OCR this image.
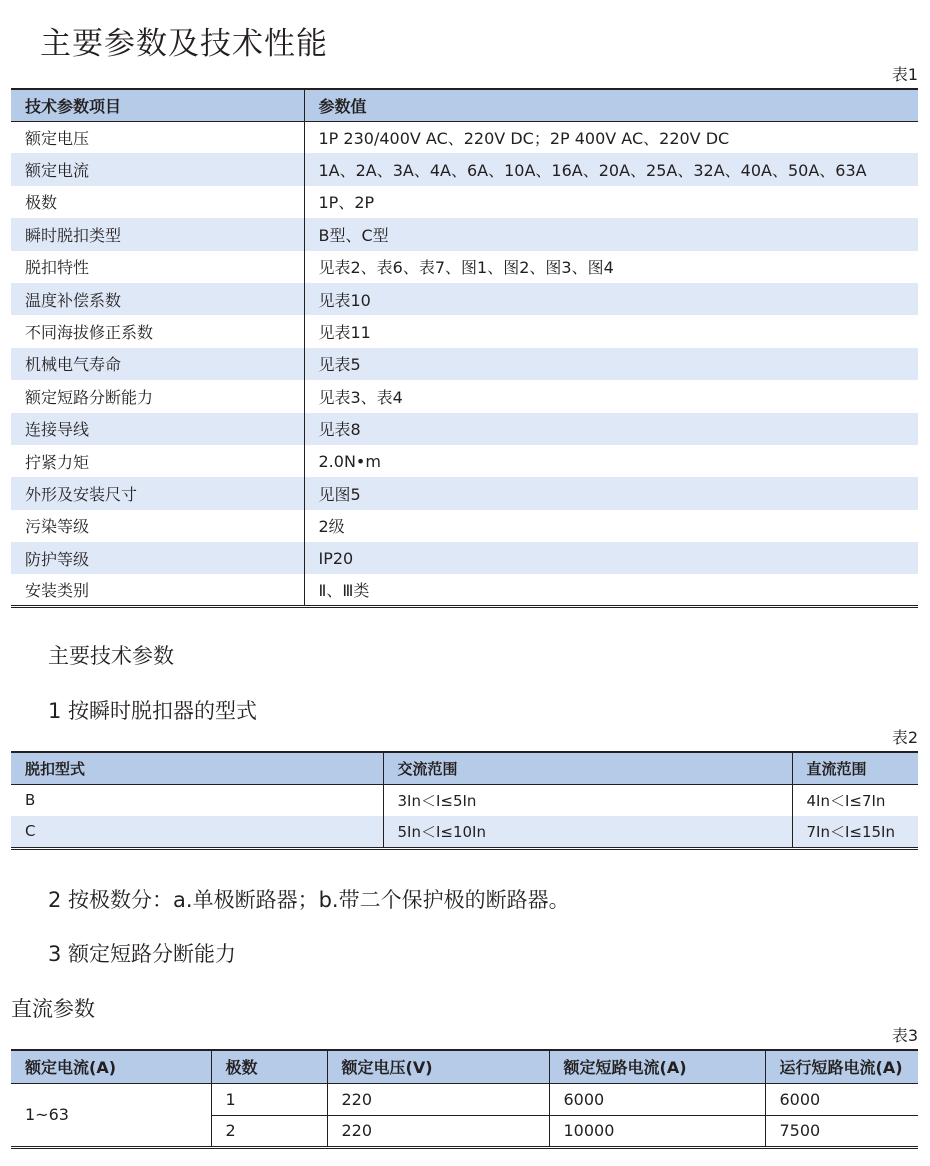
主要参数及技术性能
表1
技术参数项目	参数值
额定电压	1P 230/400V AC、220V DC；2P 400V AC、220V DC
额定电流	1A、2A、3A、4A、6A、10A、16A、20A、25A、32A、40A、50A、63A
极数	1P、2P
瞬时脱扣类型	B型、C型
脱扣特性	见表2、表6、表7、图1、图2、图3、图4
温度补偿系数	见表10
不同海拔修正系数	见表11
机械电气寿命	见表5
额定短路分断能力	见表3、表4
连接导线	见表8
拧紧力矩	2.0N•m
外形及安装尺寸	见图5
污染等级	2级
防护等级	IP20
安装类别	Ⅱ、Ⅲ类
主要技术参数
1 按瞬时脱扣器的型式
表2
脱扣型式	交流范围	直流范围
B	3In＜I≤5In	4In＜I≤7In
C	5In＜I≤10In	7In＜I≤15In
2 按极数分：a.单极断路器；b.带二个保护极的断路器。
3 额定短路分断能力
直流参数
表3
额定电流(A)	极数	额定电压(V)	额定短路电流(A)	运行短路电流(A)
1~63	1	220	6000	6000
	2	220	10000	7500
